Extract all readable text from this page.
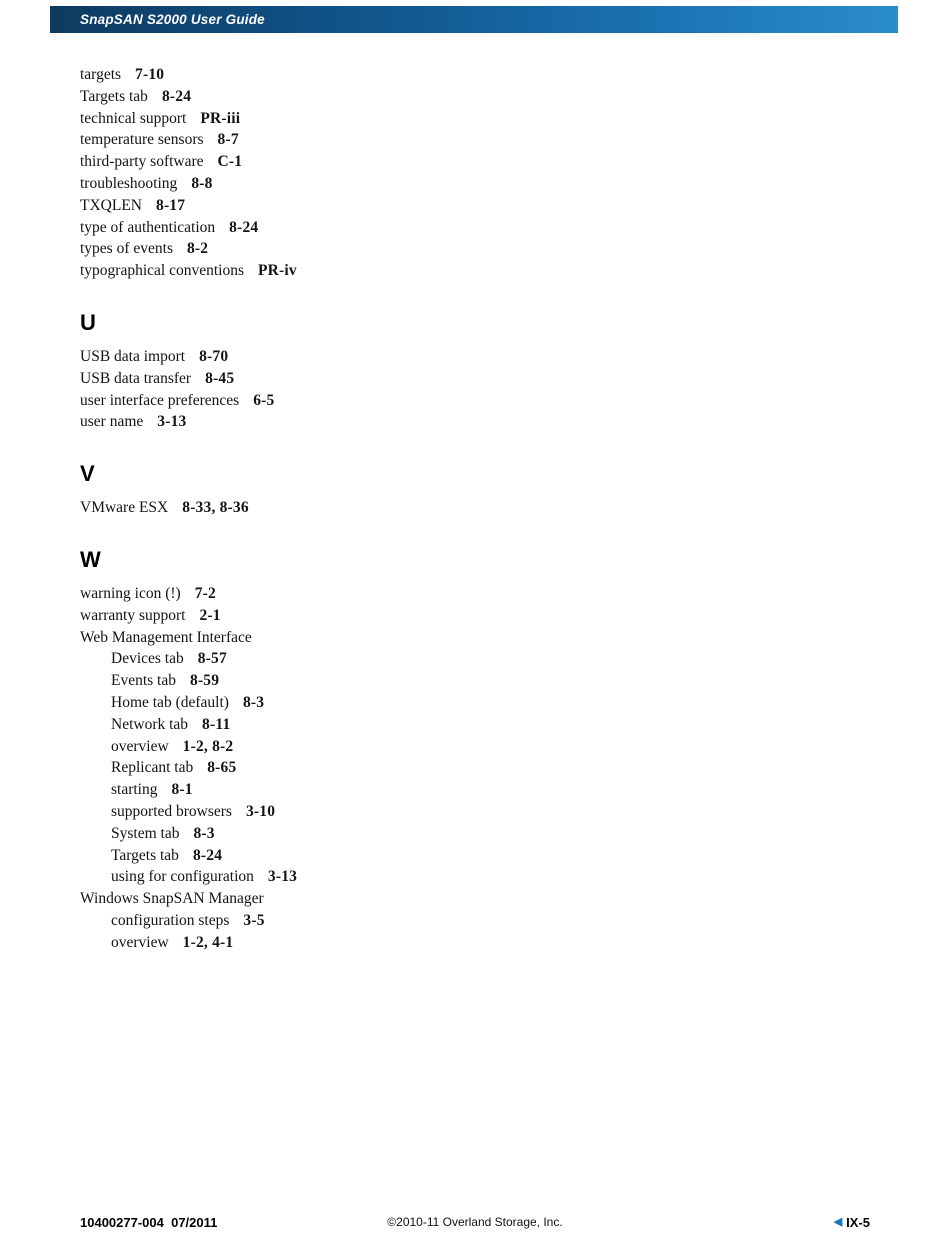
SnapSAN S2000 User Guide
targets 7-10
Targets tab 8-24
technical support PR-iii
temperature sensors 8-7
third-party software C-1
troubleshooting 8-8
TXQLEN 8-17
type of authentication 8-24
types of events 8-2
typographical conventions PR-iv
U
USB data import 8-70
USB data transfer 8-45
user interface preferences 6-5
user name 3-13
V
VMware ESX 8-33, 8-36
W
warning icon (!) 7-2
warranty support 2-1
Web Management Interface
Devices tab 8-57
Events tab 8-59
Home tab (default) 8-3
Network tab 8-11
overview 1-2, 8-2
Replicant tab 8-65
starting 8-1
supported browsers 3-10
System tab 8-3
Targets tab 8-24
using for configuration 3-13
Windows SnapSAN Manager
configuration steps 3-5
overview 1-2, 4-1
10400277-004  07/2011	©2010-11 Overland Storage, Inc.	◀ IX-5
